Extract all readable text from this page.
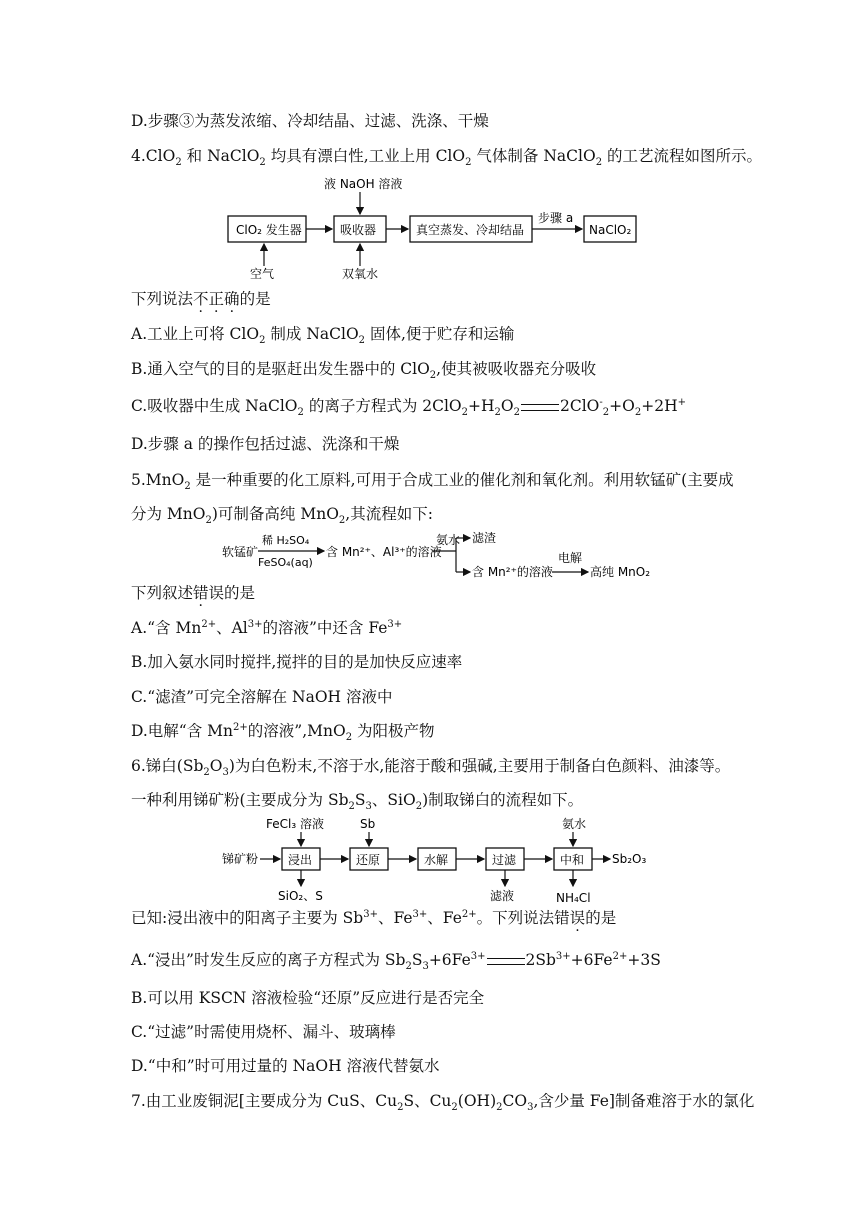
D.步骤③为蒸发浓缩、冷却结晶、过滤、洗涤、干燥
4.ClO$_2$ 和 NaClO$_2$ 均具有漂白性,工业上用 ClO$_2$ 气体制备 NaClO$_2$ 的工艺流程如图所示。
液 NaOH 溶液
ClO₂ 发生器	吸收器	真空蒸发、冷却结晶
步骤 a
NaClO₂
空气	双氧水
下列说法不正确的是
A.工业上可将 ClO$_2$ 制成 NaClO$_2$ 固体,便于贮存和运输
B.通入空气的目的是驱赶出发生器中的 ClO$_2$,使其被吸收器充分吸收
C.吸收器中生成 NaClO$_2$ 的离子方程式为 $2ClO_2+H_2O_2$	$2ClO^-_2+O_2+2H^+$
D.步骤 a 的操作包括过滤、洗涤和干燥
5.MnO$_2$ 是一种重要的化工原料,可用于合成工业的催化剂和氧化剂。利用软锰矿(主要成
分为 MnO$_2$)可制备高纯 MnO$_2$,其流程如下:
软锰矿
稀 H₂SO₄
FeSO₄(aq)
含 Mn²⁺、Al³⁺的溶液
氨水 滤渣
含 Mn²⁺的溶液
电解
高纯 MnO₂
下列叙述错误的是
A.“含 $Mn^{2+}$、$Al^{3+}$的溶液”中还含 $Fe^{3+}$
B.加入氨水同时搅拌,搅拌的目的是加快反应速率
C.“滤渣”可完全溶解在 NaOH 溶液中
D.电解“含 $Mn^{2+}$的溶液”,MnO$_2$ 为阳极产物
6.锑白$(Sb_2O_3)$为白色粉末,不溶于水,能溶于酸和强碱,主要用于制备白色颜料、油漆等。
一种利用锑矿粉(主要成分为 $Sb_2S_3$、SiO$_2$)制取锑白的流程如下。
锑矿粉 浸出	还原	水解	过滤	中和 Sb₂O₃
FeCl₃ 溶液	Sb	氨水
SiO₂、S	滤液	NH₄Cl
已知:浸出液中的阳离子主要为 $Sb^{3+}$、$Fe^{3+}$、$Fe^{2+}$。下列说法错误的是
A.“浸出”时发生反应的离子方程式为 $Sb_2S_3+6Fe^{3+}$	$2Sb^{3+}+6Fe^{2+}+3S$
B.可以用 KSCN 溶液检验“还原”反应进行是否完全
C.“过滤”时需使用烧杯、漏斗、玻璃棒
D.“中和”时可用过量的 NaOH 溶液代替氨水
7.由工业废铜泥[主要成分为 CuS、$Cu_2S$、$Cu_2(OH)_2CO_3$,含少量 Fe]制备难溶于水的氯化
